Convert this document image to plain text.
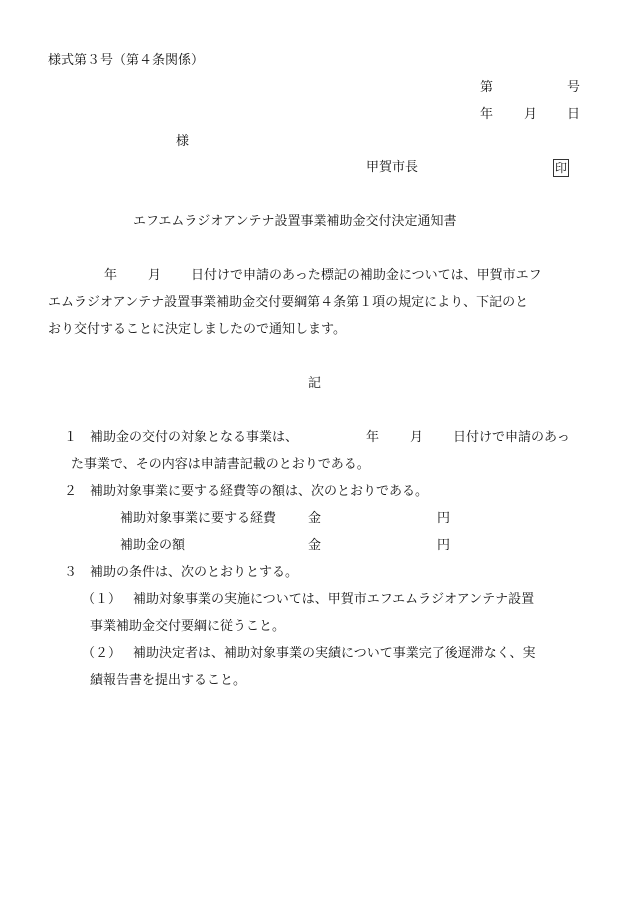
様式第３号（第４条関係）
第	号
年 月 日
様
甲賀市長	印
エフエムラジオアンテナ設置事業補助金交付決定通知書
年 月 日付けで申請のあった標記の補助金については、甲賀市エフ
エムラジオアンテナ設置事業補助金交付要綱第４条第１項の規定により、下記のと
おり交付することに決定しましたので通知します。
記
１ 補助金の交付の対象となる事業は、	年 月 日付けで申請のあっ
た事業で、その内容は申請書記載のとおりである。
２ 補助対象事業に要する経費等の額は、次のとおりである。
補助対象事業に要する経費 金	円
補助金の額	金	円
３ 補助の条件は、次のとおりとする。
（１） 補助対象事業の実施については、甲賀市エフエムラジオアンテナ設置
事業補助金交付要綱に従うこと。
（２） 補助決定者は、補助対象事業の実績について事業完了後遅滞なく、実
績報告書を提出すること。
